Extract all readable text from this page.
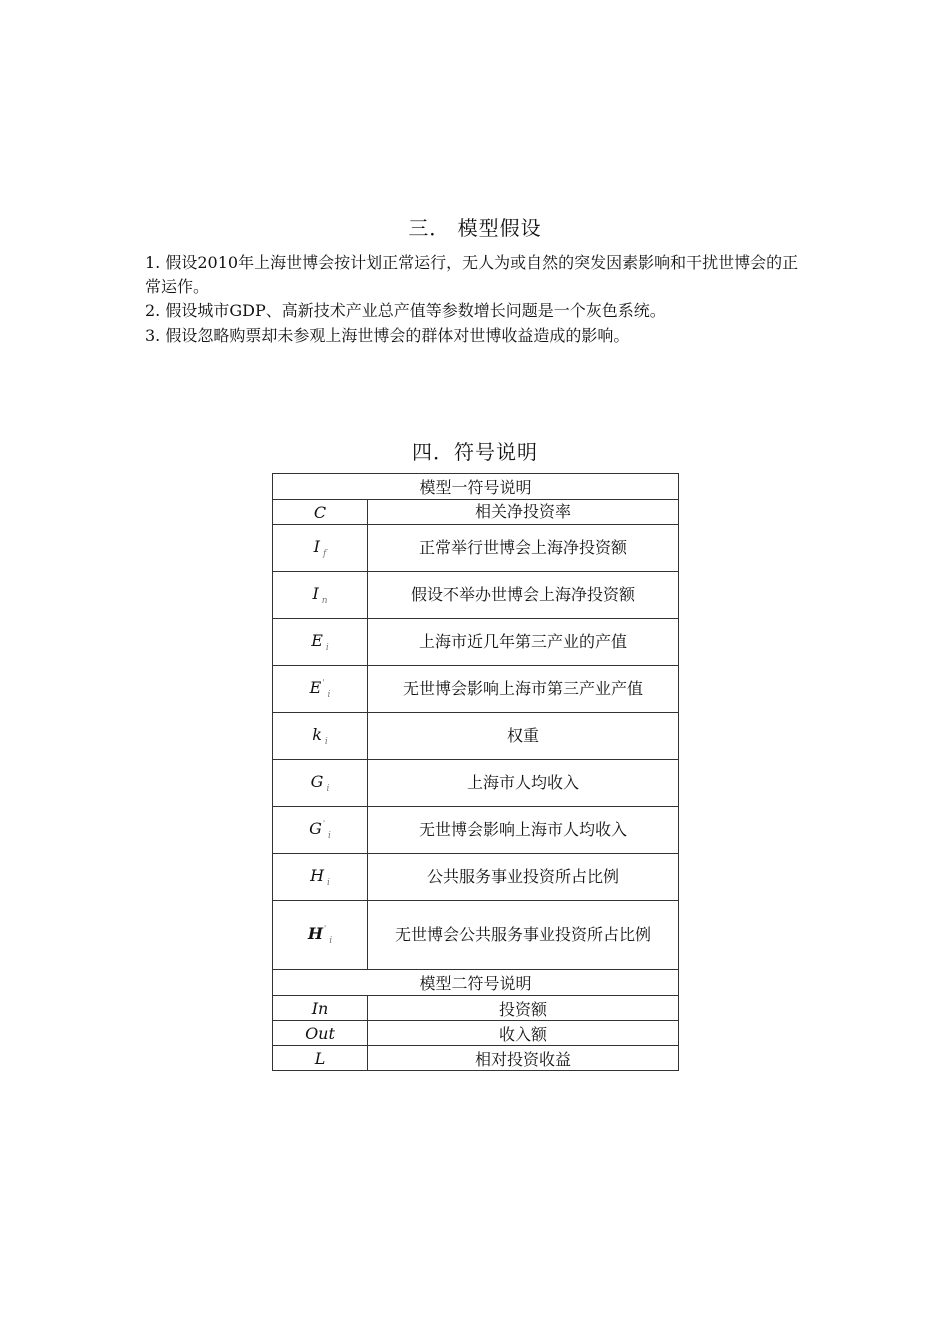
三． 模型假设
1. 假设2010年上海世博会按计划正常运行，无人为或自然的突发因素影响和干扰世博会的正常运作。
2. 假设城市GDP、高新技术产业总产值等参数增长问题是一个灰色系统。
3. 假设忽略购票却未参观上海世博会的群体对世博收益造成的影响。
四．符号说明
模型一符号说明	
C	相关净投资率
I $_f$	正常举行世博会上海净投资额
I $_n$	假设不举办世博会上海净投资额
E $_i$	上海市近几年第三产业的产值
$E'_i$	无世博会影响上海市第三产业产值
k $_i$	权重
G $_i$	上海市人均收入
$G'_i$	无世博会影响上海市人均收入
H $_i$	公共服务事业投资所占比例
$H'_i$	无世博会公共服务事业投资所占比例
模型二符号说明	
In	投资额
Out	收入额
L	相对投资收益
